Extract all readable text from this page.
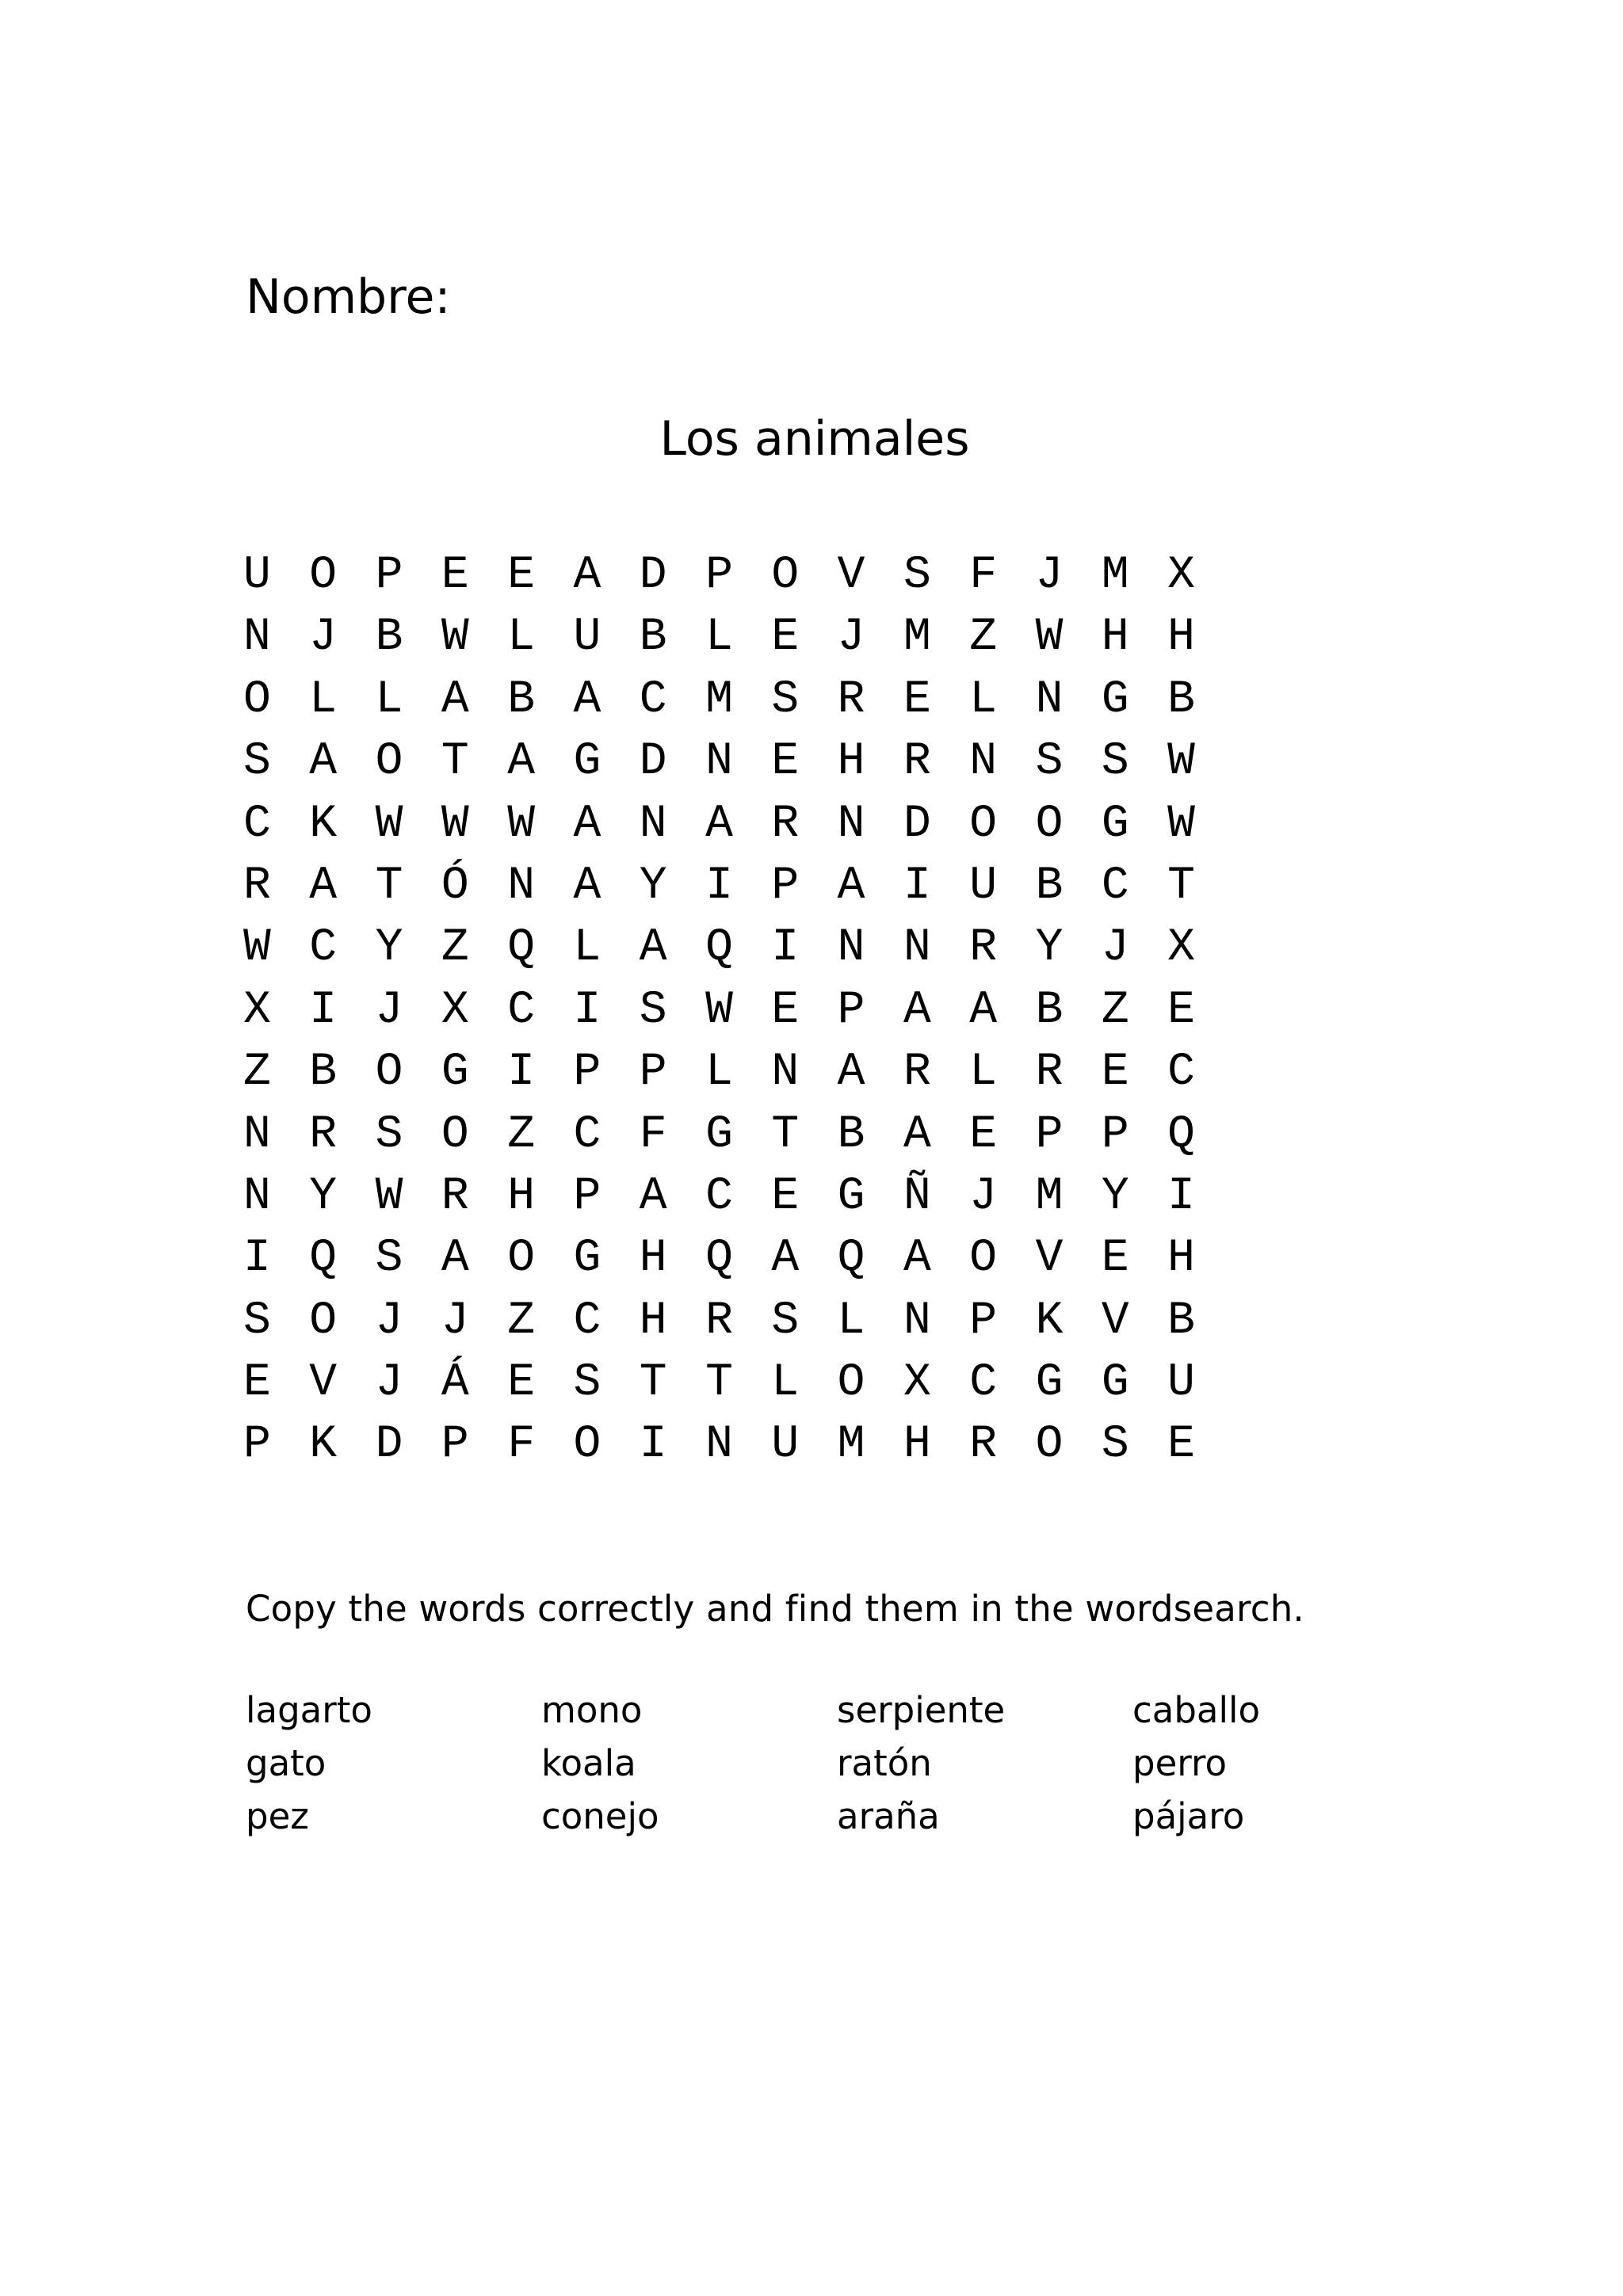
Nombre:
Los animales
U O P E E A D P O V S F J M X
N J B W L U B L E J M Z W H H
O L L A B A C M S R E L N G B
S A O T A G D N E H R N S S W
C K W W W A N A R N D O O G W
R A T Ó N A Y I P A I U B C T
W C Y Z Q L A Q I N N R Y J X
X I J X C I S W E P A A B Z E
Z B O G I P P L N A R L R E C
N R S O Z C F G T B A E P P Q
N Y W R H P A C E G Ñ J M Y I
I Q S A O G H Q A Q A O V E H
S O J J Z C H R S L N P K V B
E V J Á E S T T L O X C G G U
P K D P F O I N U M H R O S E
Copy the words correctly and find them in the wordsearch.
lagarto	mono	serpiente	caballo
gato	koala	ratón	perro
pez	conejo	araña	pájaro
